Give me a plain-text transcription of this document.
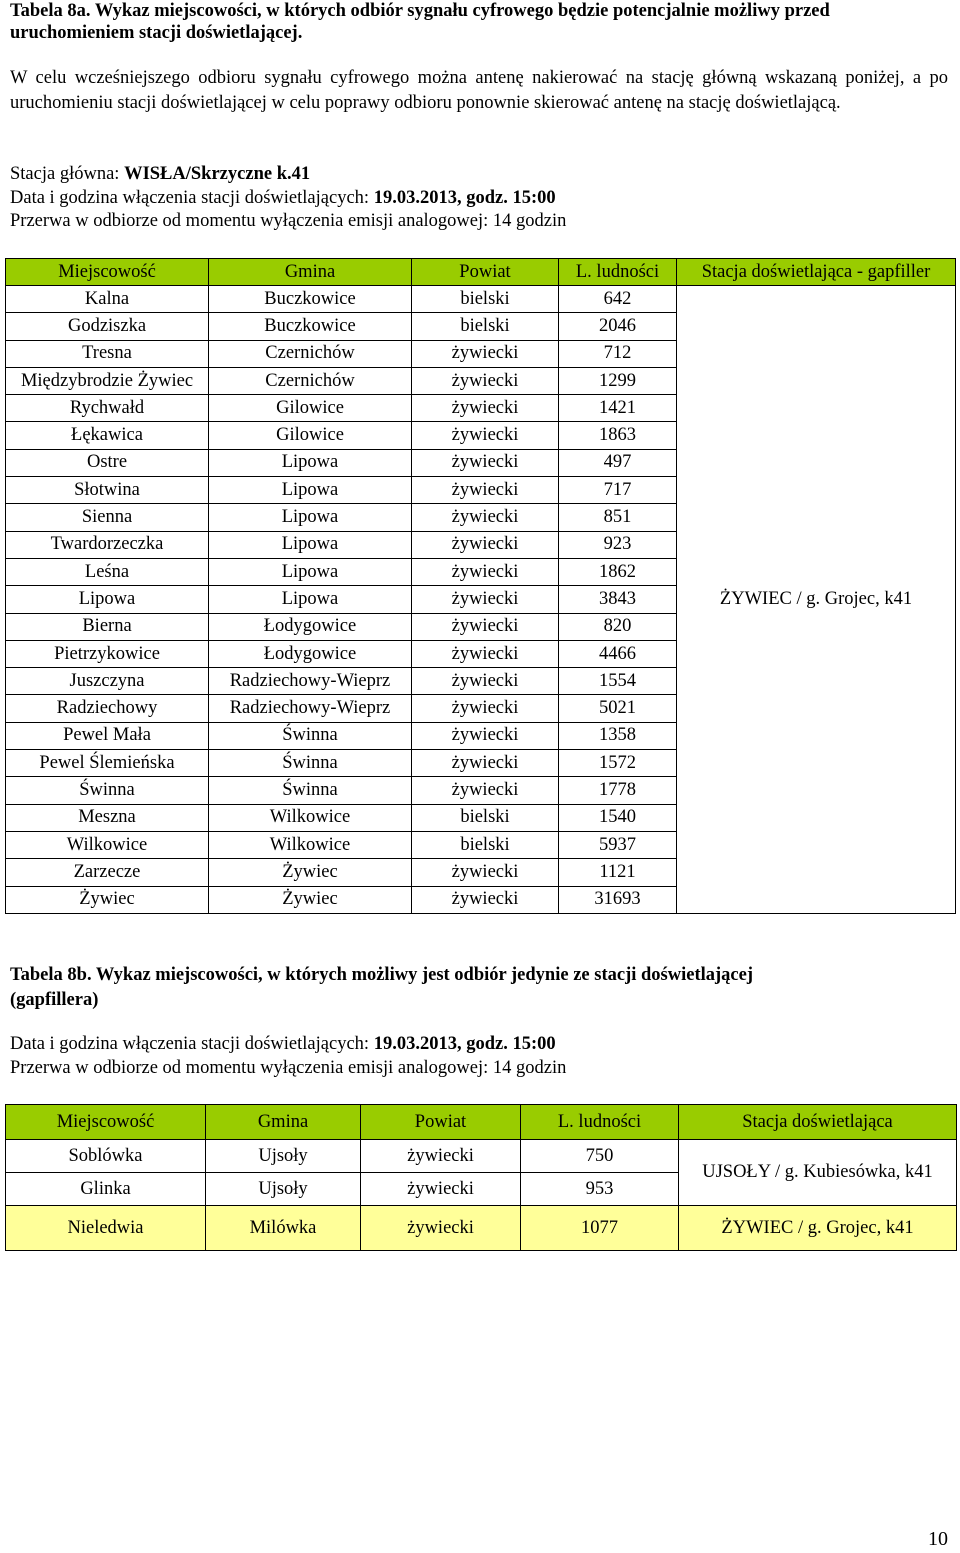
Tabela 8a. Wykaz miejscowości, w których odbiór sygnału cyfrowego będzie potencjalnie możliwy przed
uruchomieniem stacji doświetlającej.
W celu wcześniejszego odbioru sygnału cyfrowego można antenę nakierować na stację główną wskazaną poniżej, a po uruchomieniu stacji doświetlającej w celu poprawy odbioru ponownie skierować antenę na stację doświetlającą.
Stacja główna: WISŁA/Skrzyczne k.41
Data i godzina włączenia stacji doświetlających: 19.03.2013, godz. 15:00
Przerwa w odbiorze od momentu wyłączenia emisji analogowej: 14 godzin
Miejscowość	Gmina	Powiat	L. ludności	Stacja doświetlająca - gapfiller
Kalna	Buczkowice	bielski	642	ŻYWIEC / g. Grojec, k41
Godziszka	Buczkowice	bielski	2046	
Tresna	Czernichów	żywiecki	712	
Międzybrodzie Żywiec	Czernichów	żywiecki	1299	
Rychwałd	Gilowice	żywiecki	1421	
Łękawica	Gilowice	żywiecki	1863	
Ostre	Lipowa	żywiecki	497	
Słotwina	Lipowa	żywiecki	717	
Sienna	Lipowa	żywiecki	851	
Twardorzeczka	Lipowa	żywiecki	923	
Leśna	Lipowa	żywiecki	1862	
Lipowa	Lipowa	żywiecki	3843	
Bierna	Łodygowice	żywiecki	820	
Pietrzykowice	Łodygowice	żywiecki	4466	
Juszczyna	Radziechowy-Wieprz	żywiecki	1554	
Radziechowy	Radziechowy-Wieprz	żywiecki	5021	
Pewel Mała	Świnna	żywiecki	1358	
Pewel Ślemieńska	Świnna	żywiecki	1572	
Świnna	Świnna	żywiecki	1778	
Meszna	Wilkowice	bielski	1540	
Wilkowice	Wilkowice	bielski	5937	
Zarzecze	Żywiec	żywiecki	1121	
Żywiec	Żywiec	żywiecki	31693	
Tabela 8b. Wykaz miejscowości, w których możliwy jest odbiór jedynie ze stacji doświetlającej
(gapfillera)
Data i godzina włączenia stacji doświetlających: 19.03.2013, godz. 15:00
Przerwa w odbiorze od momentu wyłączenia emisji analogowej: 14 godzin
Miejscowość	Gmina	Powiat	L. ludności	Stacja doświetlająca
Soblówka	Ujsoły	żywiecki	750	UJSOŁY / g. Kubiesówka, k41
Glinka	Ujsoły	żywiecki	953	
Nieledwia	Milówka	żywiecki	1077	ŻYWIEC / g. Grojec, k41
10
